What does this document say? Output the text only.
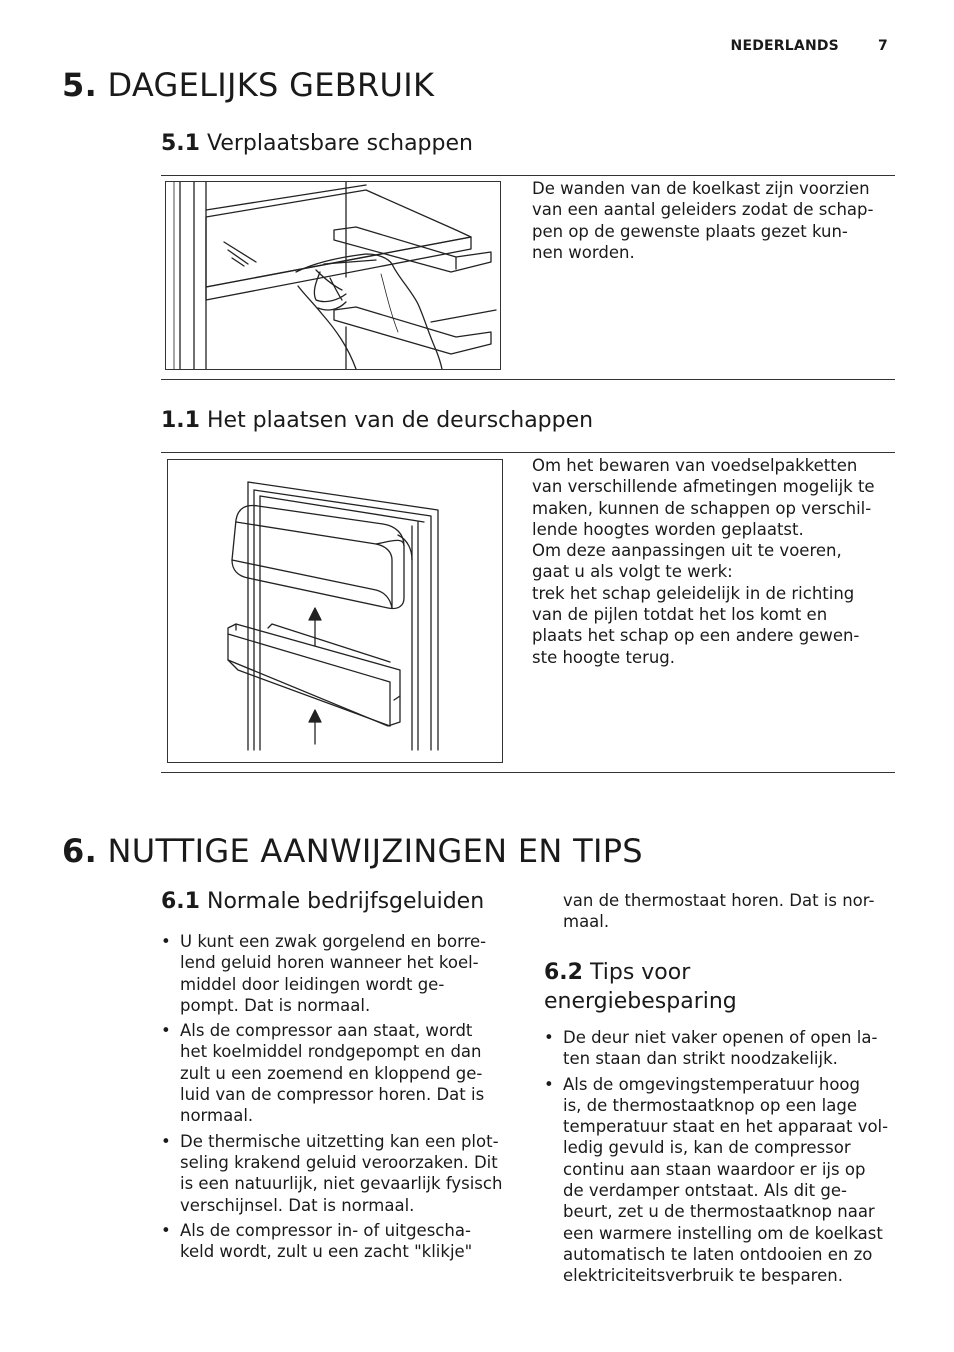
NEDERLANDS	7
5. DAGELIJKS GEBRUIK
5.1 Verplaatsbare schappen

De wanden van de koelkast zijn voorzien
van een aantal geleiders zodat de schap-
pen op de gewenste plaats gezet kun-
nen worden.

1.1 Het plaatsen van de deurschappen

Om het bewaren van voedselpakketten
van verschillende afmetingen mogelijk te
maken, kunnen de schappen op verschil-
lende hoogtes worden geplaatst.
Om deze aanpassingen uit te voeren,
gaat u als volgt te werk:
trek het schap geleidelijk in de richting
van de pijlen totdat het los komt en
plaats het schap op een andere gewen-
ste hoogte terug.

6. NUTTIGE AANWIJZINGEN EN TIPS
6.1 Normale bedrijfsgeluiden
• U kunt een zwak gorgelend en borre-
lend geluid horen wanneer het koel-
middel door leidingen wordt ge-
pompt. Dat is normaal.
• Als de compressor aan staat, wordt
het koelmiddel rondgepompt en dan
zult u een zoemend en kloppend ge-
luid van de compressor horen. Dat is
normaal.
• De thermische uitzetting kan een plot-
seling krakend geluid veroorzaken. Dit
is een natuurlijk, niet gevaarlijk fysisch
verschijnsel. Dat is normaal.
• Als de compressor in- of uitgescha-
keld wordt, zult u een zacht "klikje"

van de thermostaat horen. Dat is nor-
maal.

6.2 Tips voor
energiebesparing
• De deur niet vaker openen of open la-
ten staan dan strikt noodzakelijk.
• Als de omgevingstemperatuur hoog
is, de thermostaatknop op een lage
temperatuur staat en het apparaat vol-
ledig gevuld is, kan de compressor
continu aan staan waardoor er ijs op
de verdamper ontstaat. Als dit ge-
beurt, zet u de thermostaatknop naar
een warmere instelling om de koelkast
automatisch te laten ontdooien en zo
elektriciteitsverbruik te besparen.
